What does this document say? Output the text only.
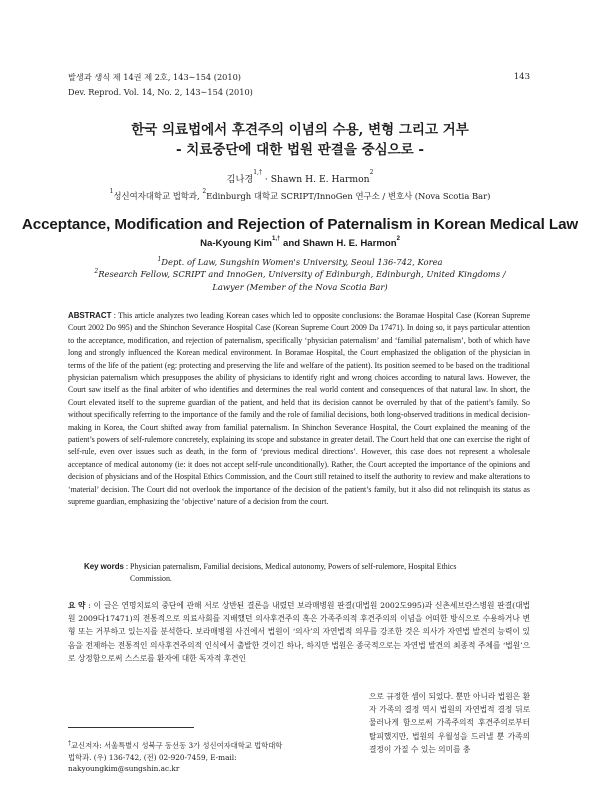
발생과 생식 제 14권 제 2호, 143∼154 (2010)
Dev. Reprod. Vol. 14, No. 2, 143∼154 (2010)
143
한국 의료법에서 후견주의 이념의 수용, 변형 그리고 거부
- 치료중단에 대한 법원 판결을 중심으로 -
김나경$^{1,\dagger}$ · Shawn H. E. Harmon$^2$
$^1$성신여자대학교 법학과, $^2$Edinburgh 대학교 SCRIPT/InnoGen 연구소 / 변호사 (Nova Scotia Bar)
Acceptance, Modification and Rejection of Paternalism in Korean Medical Law
Na-Kyoung Kim$^{1,\dagger}$ and Shawn H. E. Harmon$^2$
$^1$Dept. of Law, Sungshin Women's University, Seoul 136-742, Korea
$^2$Research Fellow, SCRIPT and InnoGen, University of Edinburgh, Edinburgh, United Kingdoms /
Lawyer (Member of the Nova Scotia Bar)
ABSTRACT : This article analyzes two leading Korean cases which led to opposite conclusions: the Boramae Hospital Case (Korean Supreme Court 2002 Do 995) and the Shinchon Severance Hospital Case (Korean Supreme Court 2009 Da 17471). In doing so, it pays particular attention to the acceptance, modification, and rejection of paternalism, specifically ‘physician paternalism’ and ‘familial paternalism’, both of which have long and strongly influenced the Korean medical environment. In Boramae Hospital, the Court emphasized the obligation of the physician in terms of the life of the patient (eg: protecting and preserving the life and welfare of the patient). Its position seemed to be based on the traditional physician paternalism which presupposes the ability of physicians to identify right and wrong choices according to natural laws. However, the Court saw itself as the final arbiter of who identifies and determines the real world content and consequences of that natural law. In short, the Court elevated itself to the supreme guardian of the patient, and held that its decision cannot be overruled by that of the patient’s family. So without specifically referring to the importance of the family and the role of familial decisions, both long-observed traditions in medical decision-making in Korea, the Court shifted away from familial paternalism. In Shinchon Severance Hospital, the Court explained the meaning of the patient’s powers of self-rulemore concretely, explaining its scope and substance in greater detail. The Court held that one can exercise the right of self-rule, even over issues such as death, in the form of ‘previous medical directions’. However, this case does not represent a wholesale acceptance of medical autonomy (ie: it does not accept self-rule unconditionally). Rather, the Court accepted the importance of the opinions and decision of physicians and of the Hospital Ethics Commission, and the Court still retained to itself the authority to review and make alterations to ‘material’ decision. The Court did not overlook the importance of the decision of the patient’s family, but it also did not relinquish its status as supreme guardian, emphasizing the ‘objective’ nature of a decision from the court.
Key words : Physician paternalism, Familial decisions, Medical autonomy, Powers of self-rulemore, Hospital Ethics
Commission.
요 약 : 이 글은 연명치료의 중단에 관해 서로 상반된 결론을 내렸던 보라매병원 판결(대법원 2002도995)과 신촌세브란스병원 판결(대법원 2009다17471)의 전통적으로 의료사회를 지배했던 의사후견주의 혹은 가족주의적 후견주의의 이념을 어떠한 방식으로 수용하거나 변형 또는 거부하고 있는지를 분석한다. 보라매병원 사건에서 법원이 ‘의사’의 자연법적 의무를 강조한 것은 의사가 자연법 발견의 능력이 있음을 전제하는 전통적인 의사후견주의적 인식에서 출발한 것이긴 하나, 하지만 법원은 종국적으로는 자연법 발견의 최종적 주체를 ‘법원’으로 상정함으로써 스스로를 환자에 대한 독자적 후견인
으로 규정한 셈이 되었다. 뿐만 아니라 법원은 환자 가족의 결정 역시 법원의 자연법적 결정 뒤로 물러나게 함으로써 가족주의적 후견주의로부터 탈피했지만, 법원의 우월성을 드러낼 뿐 가족의 결정이 가질 수 있는 의미를 충
†교신저자: 서울특별시 성북구 동선동 3가 성신여자대학교 법학대학 법학과. (우) 136-742, (전) 02-920-7459, E-mail: nakyoungkim@sungshin.ac.kr
